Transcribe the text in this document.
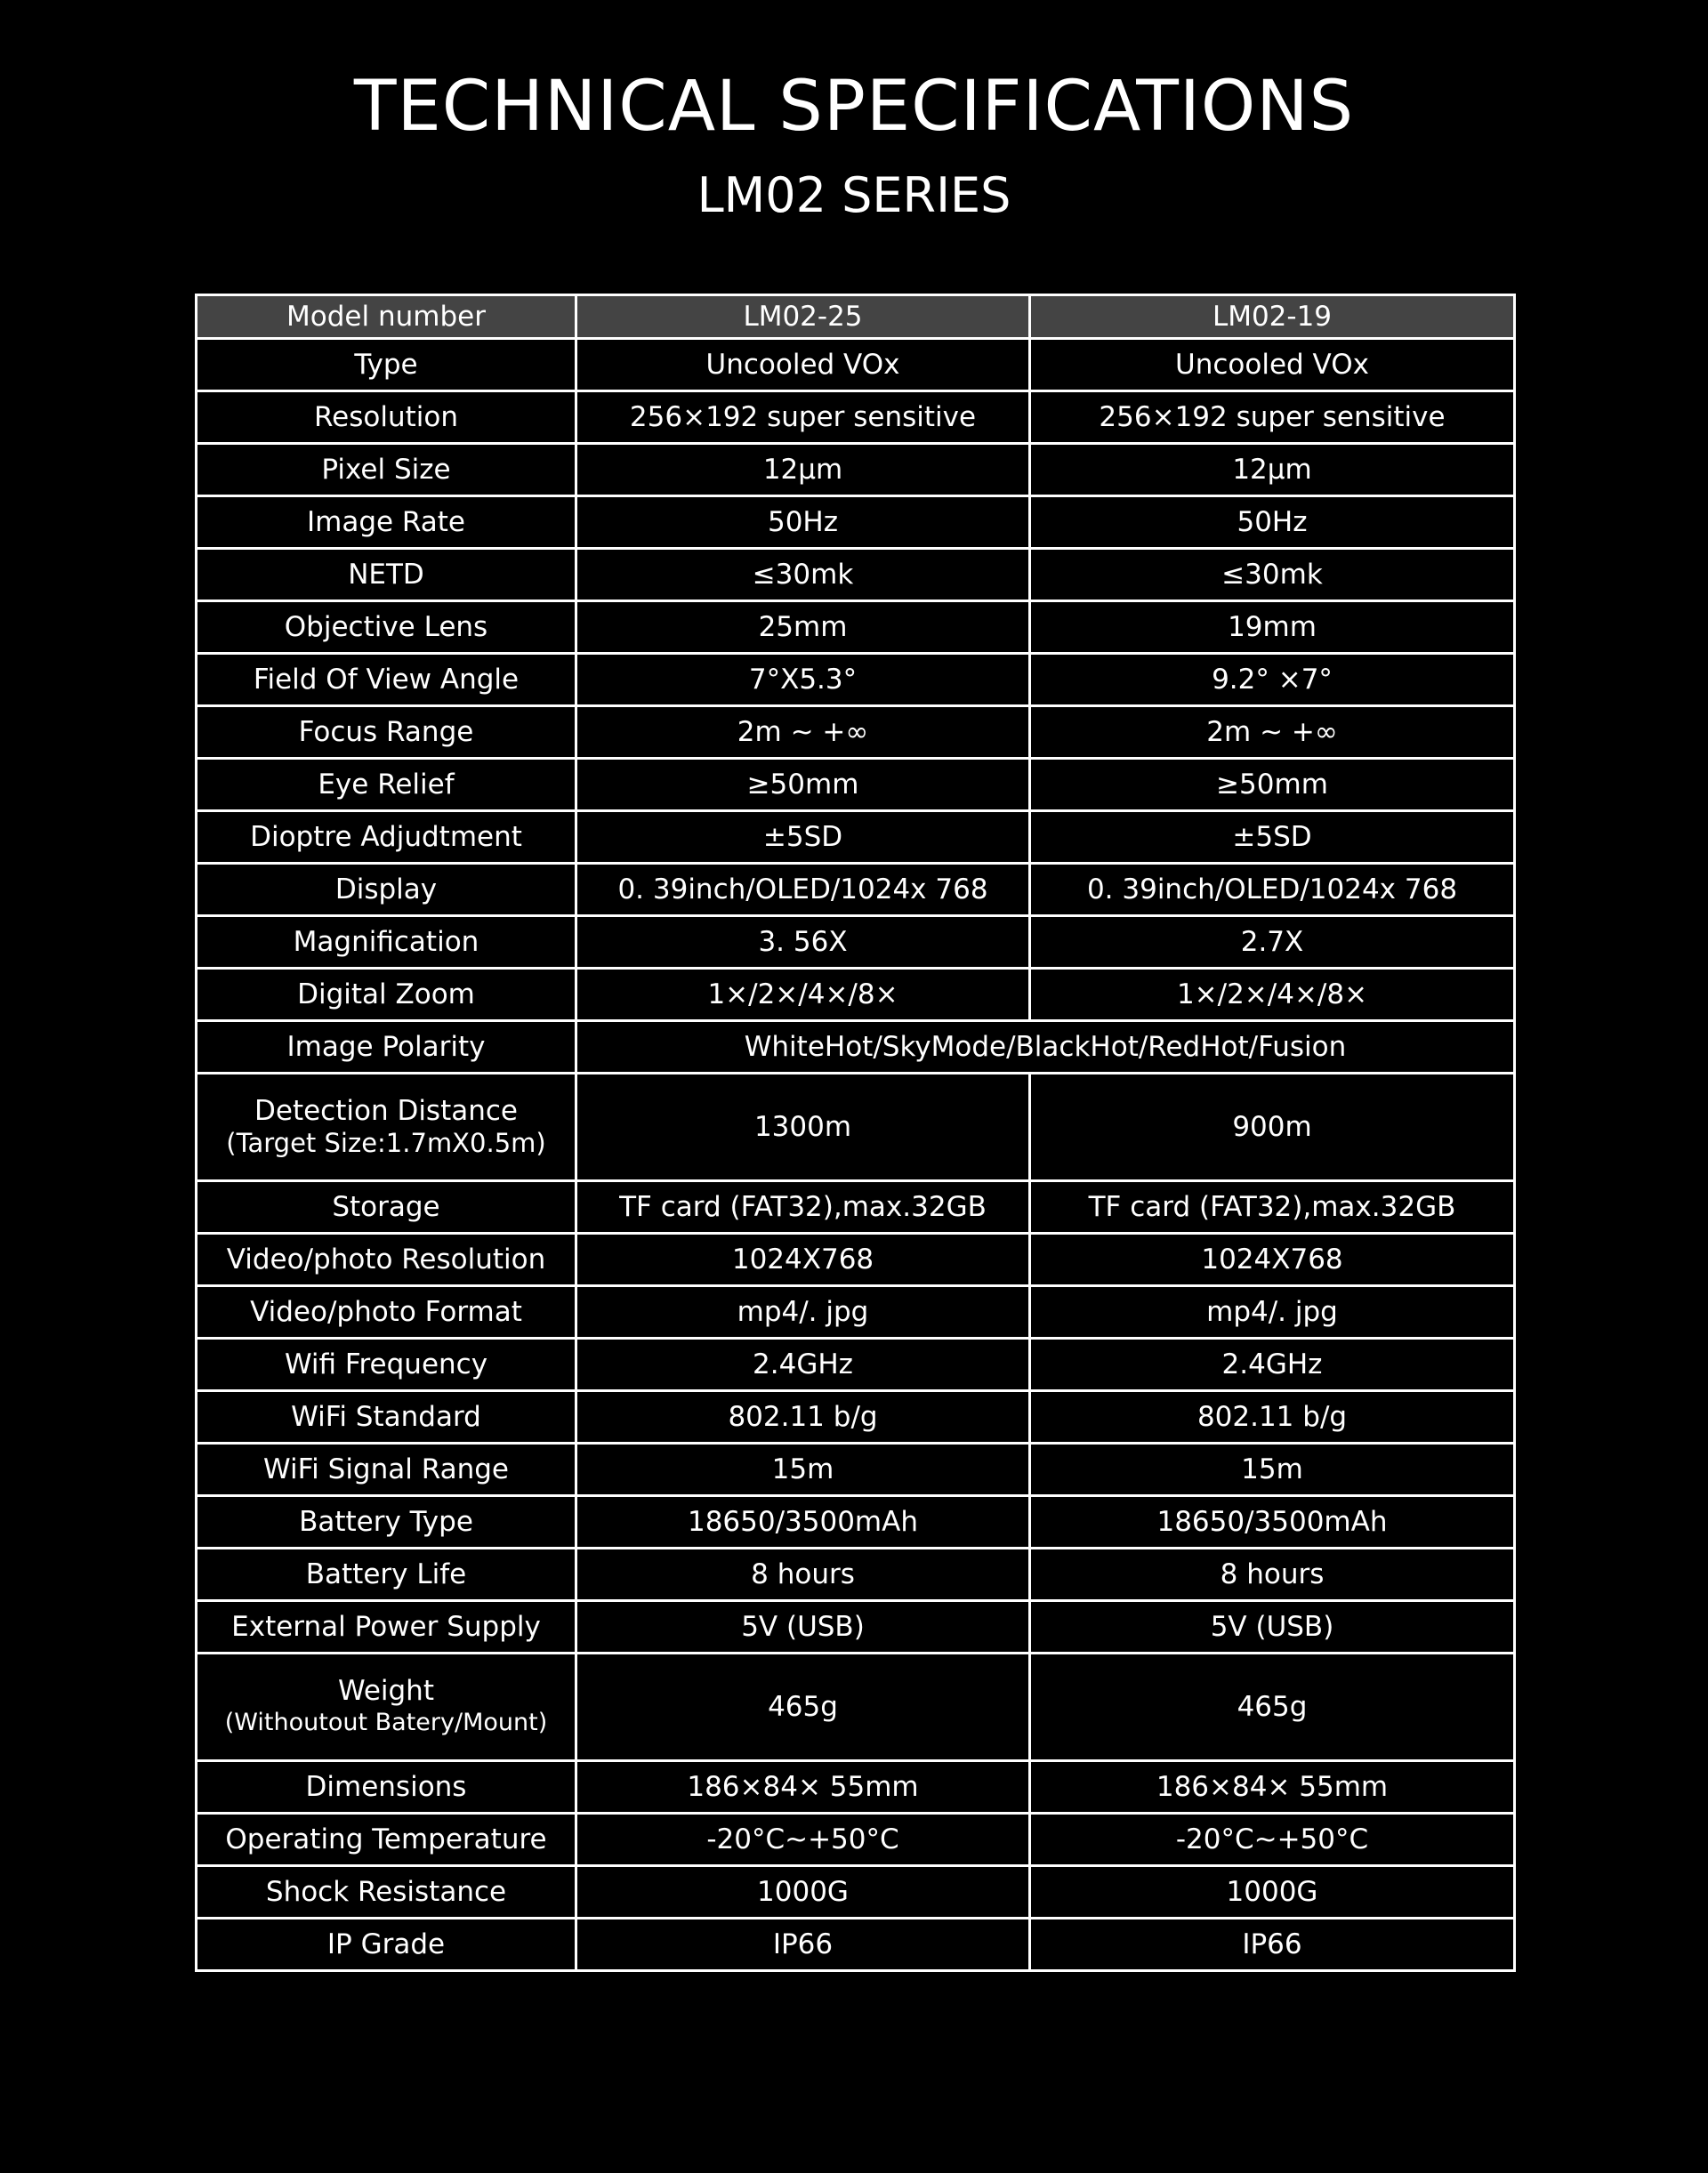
TECHNICAL SPECIFICATIONS
LM02 SERIES
Model number	LM02-25	LM02-19
Type	Uncooled VOx	Uncooled VOx
Resolution	256×192 super sensitive	256×192 super sensitive
Pixel Size	12μm	12μm
Image Rate	50Hz	50Hz
NETD	≤30mk	≤30mk
Objective Lens	25mm	19mm
Field Of View Angle	7°X5.3°	9.2° ×7°
Focus Range	2m ~ +∞	2m ~ +∞
Eye Relief	≥50mm	≥50mm
Dioptre Adjudtment	±5SD	±5SD
Display	0. 39inch/OLED/1024x 768	0. 39inch/OLED/1024x 768
Magnification	3. 56X	2.7X
Digital Zoom	1×/2×/4×/8×	1×/2×/4×/8×
Image Polarity	WhiteHot/SkyMode/BlackHot/RedHot/Fusion	

Detection Distance
(Target Size:1.7mX0.5m)	1300m	900m
Storage	TF card (FAT32),max.32GB	TF card (FAT32),max.32GB
Video/photo Resolution	1024X768	1024X768
Video/photo Format	mp4/. jpg	mp4/. jpg
Wifi Frequency	2.4GHz	2.4GHz
WiFi Standard	802.11 b/g	802.11 b/g
WiFi Signal Range	15m	15m
Battery Type	18650/3500mAh	18650/3500mAh
Battery Life	8 hours	8 hours
External Power Supply	5V (USB)	5V (USB)

Weight
(Withoutout Batery/Mount)	465g	465g
Dimensions	186×84× 55mm	186×84× 55mm
Operating Temperature	-20°C~+50°C	-20°C~+50°C
Shock Resistance	1000G	1000G
IP Grade	IP66	IP66
